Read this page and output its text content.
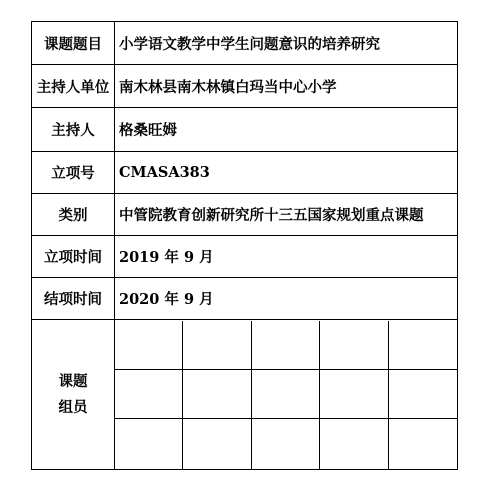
课题题目	小学语文教学中学生问题意识的培养研究
主持人单位 南木林县南木林镇白玛当中心小学
主持人	格桑旺姆
立项号	CMASA383
类别	中管院教育创新研究所十三五国家规划重点课题
立项时间	2019 年 9 月
结项时间	2020 年 9 月
课题
组员
